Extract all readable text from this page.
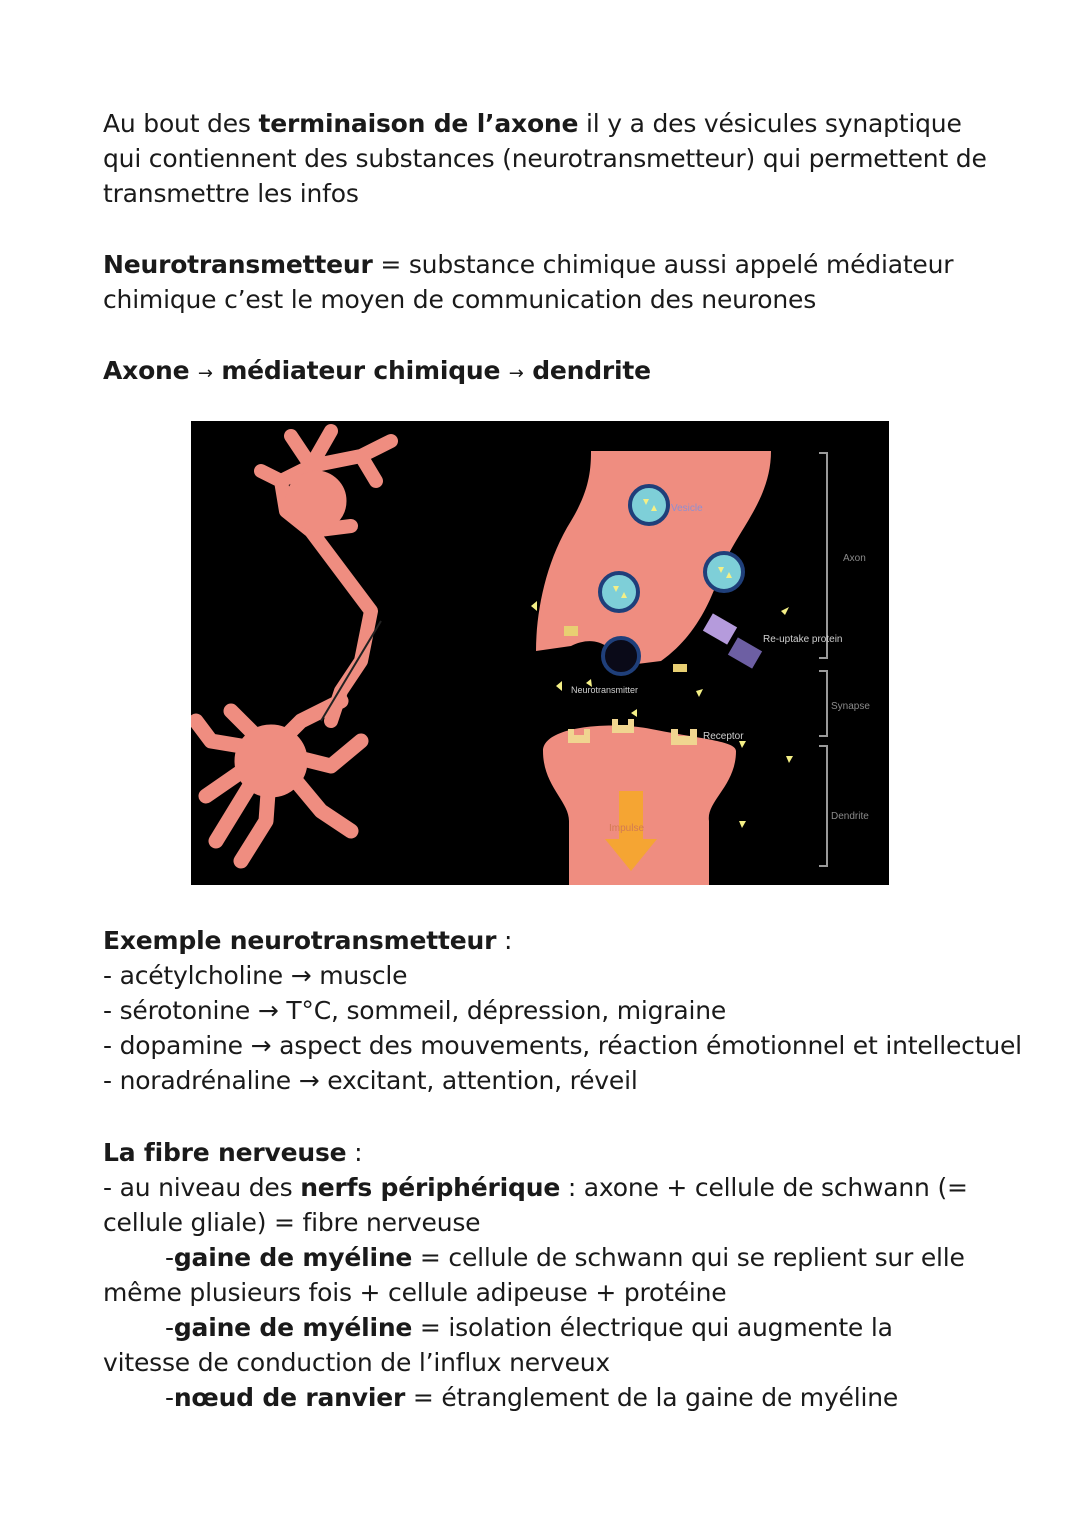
Au bout des terminaison de l’axone il y a des vésicules synaptique qui contiennent des substances (neurotransmetteur) qui permettent de transmettre les infos
Neurotransmetteur = substance chimique aussi appelé médiateur chimique c’est le moyen de communication des neurones
Axone → médiateur chimique → dendrite
Vesicle
Axon
Re-uptake protein
Neurotransmitter
Receptor
Synapse
Dendrite
Impulse
Exemple neurotransmetteur :
- acétylcholine → muscle
- sérotonine → T°C, sommeil, dépression, migraine
- dopamine → aspect des mouvements, réaction émotionnel et intellectuel
- noradrénaline → excitant, attention, réveil
La fibre nerveuse :
- au niveau des nerfs périphérique : axone + cellule de schwann (= cellule gliale) = fibre nerveuse
-gaine de myéline = cellule de schwann qui se replient sur elle même plusieurs fois + cellule adipeuse + protéine
-gaine de myéline = isolation électrique qui augmente la vitesse de conduction de l’influx nerveux
-nœud de ranvier = étranglement de la gaine de myéline
